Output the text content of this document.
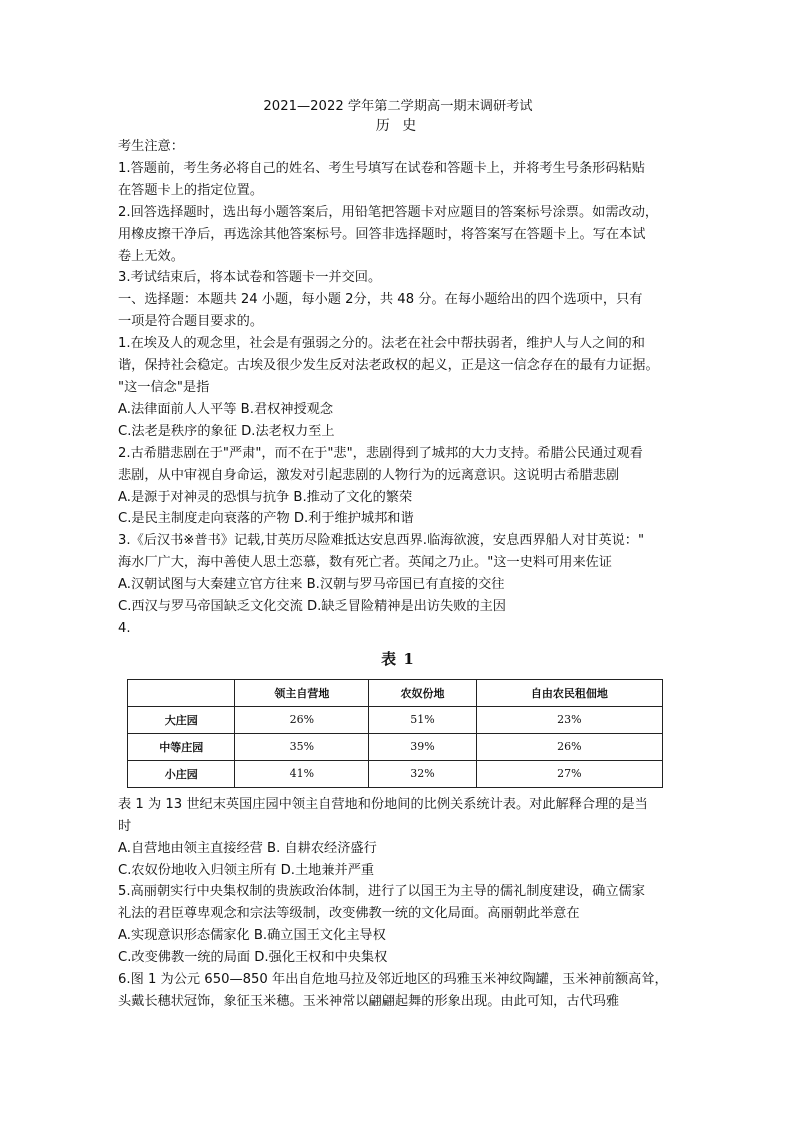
2021—2022 学年第二学期高一期末调研考试

历 史

考生注意：

1.答题前，考生务必将自己的姓名、考生号填写在试卷和答题卡上，并将考生号条形码粘贴

在答题卡上的指定位置。

2.回答选择题时，选出每小题答案后，用铅笔把答题卡对应题目的答案标号涂票。如需改动，

用橡皮擦干净后，再选涂其他答案标号。回答非选择题时，将答案写在答题卡上。写在本试

卷上无效。

3.考试结束后，将本试卷和答题卡一并交回。

一、选择题：本题共 24 小题，每小题 2分，共 48 分。在每小题给出的四个选项中，只有

一项是符合题目要求的。

1.在埃及人的观念里，社会是有强弱之分的。法老在社会中帮扶弱者，维护人与人之间的和

谐，保持社会稳定。古埃及很少发生反对法老政权的起义，正是这一信念存在的最有力证据。

"这一信念"是指

A.法律面前人人平等 B.君权神授观念

C.法老是秩序的象征 D.法老权力至上

2.古希腊悲剧在于"严肃"，而不在于"悲"，悲剧得到了城邦的大力支持。希腊公民通过观看

悲剧，从中审视自身命运，激发对引起悲剧的人物行为的远离意识。这说明古希腊悲剧

A.是源于对神灵的恐惧与抗争 B.推动了文化的繁荣

C.是民主制度走向衰落的产物 D.利于维护城邦和谐

3.《后汉书※普书》记载,甘英历尽险难抵达安息西界.临海欲渡，安息西界船人对甘英说："

海水厂广大，海中善使人思土恋慕，数有死亡者。英闻之乃止。"这一史料可用来佐证

A.汉朝试图与大秦建立官方往来 B.汉朝与罗马帝国已有直接的交往

C.西汉与罗马帝国缺乏文化交流 D.缺乏冒险精神是出访失败的主因

4.

表 1
	领主自营地	农奴份地	自由农民租佃地
大庄园	26%	51%	23%
中等庄园	35%	39%	26%
小庄园	41%	32%	27%

表 1 为 13 世纪末英国庄园中领主自营地和份地间的比例关系统计表。对此解释合理的是当

时

A.自营地由领主直接经营 B. 自耕农经济盛行

C.农奴份地收入归领主所有 D.土地兼并严重

5.高丽朝实行中央集权制的贵族政治体制，进行了以国王为主导的儒礼制度建设，确立儒家

礼法的君臣尊卑观念和宗法等级制，改变佛教一统的文化局面。高丽朝此举意在

A.实现意识形态儒家化 B.确立国王文化主导权

C.改变佛教一统的局面 D.强化王权和中央集权

6.图 1 为公元 650—850 年出自危地马拉及邻近地区的玛雅玉米神纹陶罐，玉米神前额高耸，

头戴长穗状冠饰，象征玉米穗。玉米神常以翩翩起舞的形象出现。由此可知，古代玛雅
